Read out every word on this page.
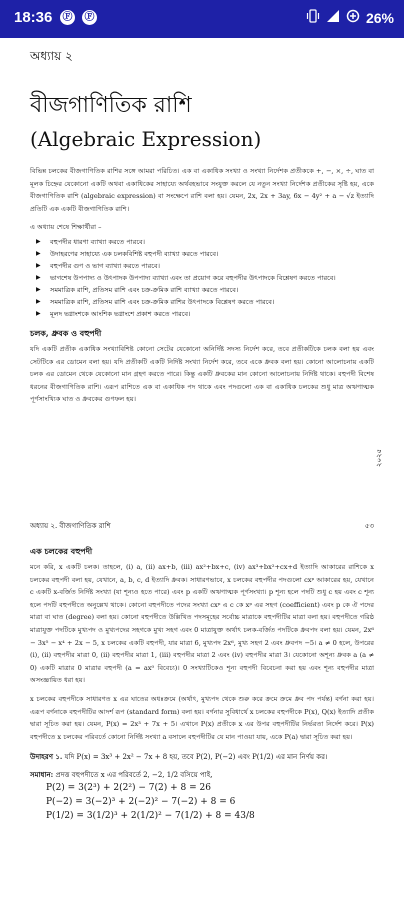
18:36 Ⓕ Ⓕ	26%
অধ্যায় ২
বীজগাণিতিক রাশি
(Algebraic Expression)
বিভিন্ন চলকের বীজগাণিতিক রাশির সঙ্গে আমরা পরিচিত। এক বা একাধিক সংখ্যা ও সংখ্যা নির্দেশক প্রতীককে +, −, ×, ÷, ঘাত বা মূলক চিহ্নের যেকোনো একটি অথবা একাধিকের সাহায্যে অর্থবহভাবে সংযুক্ত করলে যে নতুন সংখ্যা নির্দেশক প্রতীকের সৃষ্টি হয়, একে বীজগাণিতিক রাশি (algebraic expression) বা সংক্ষেপে রাশি বলা হয়। যেমন, 2x, 2x + 3ay, 6x − 4y² + a − √z ইত্যাদি প্রতিটি এক একটি বীজগাণিতিক রাশি।
এ অধ্যায় শেষে শিক্ষার্থীরা –
▶ বহুপদীর ধারণা ব্যাখ্যা করতে পারবে।
▶ উদাহরণের সাহায্যে এক চলকবিশিষ্ট বহুপদী ব্যাখ্যা করতে পারবে।
▶ বহুপদীর গুণ ও ভাগ ব্যাখ্যা করতে পারবে।
▶ ভাগশেষ উপপাদ্য ও উৎপাদক উপপাদ্য ব্যাখ্যা এবং তা প্রয়োগ করে বহুপদীর উৎপাদকে বিশ্লেষণ করতে পারবে।
▶ সমমাত্রিক রাশি, প্রতিসম রাশি এবং চক্র-ক্রমিক রাশি ব্যাখ্যা করতে পারবে।
▶ সমমাত্রিক রাশি, প্রতিসম রাশি এবং চক্র-ক্রমিক রাশির উৎপাদকে বিশ্লেষণ করতে পারবে।
▶ মূলদ ভগ্নাংশকে আংশিক ভগ্নাংশে প্রকাশ করতে পারবে।
চলক, ধ্রুবক ও বহুপদী
যদি একটি প্রতীক একাধিক সংখ্যাবিশিষ্ট কোনো সেটের যেকোনো অনির্দিষ্ট সদস্য নির্দেশ করে, তবে প্রতীকটিকে চলক বলা হয় এবং সেটটিকে এর ডোমেন বলা হয়। যদি প্রতীকটি একটি নির্দিষ্ট সংখ্যা নির্দেশ করে, তবে একে ধ্রুবক বলা হয়। কোনো আলোচনায় একটি চলক এর ডোমেন থেকে যেকোনো মান গ্রহণ করতে পারে। কিন্তু একটি ধ্রুবকের মান কোনো আলোচনায় নির্দিষ্ট থাকে। বহুপদী বিশেষ ধরনের বীজগাণিতিক রাশি। এরূপ রাশিতে এক বা একাধিক পদ থাকে এবং পদগুলো এক বা একাধিক চলকের শুধু মাত্র অঋণাত্মক পূর্ণসাংখ্যিক ঘাত ও ধ্রুবকের গুণফল হয়।
২০২৫
অধ্যায় ২. বীজগাণিতিক রাশি	৫৩
এক চলকের বহুপদী
মনে করি, x একটি চলক। তাহলে, (i) a, (ii) ax+b, (iii) ax²+bx+c, (iv) ax³+bx²+cx+d ইত্যাদি আকারের রাশিকে x চলকের বহুপদী বলা হয়, যেখানে, a, b, c, d ইত্যাদি ধ্রুবক। সাধারণভাবে, x চলকের বহুপদীর পদগুলো cxᵖ আকারের হয়, যেখানে c একটি x-বর্জিত নির্দিষ্ট সংখ্যা (যা শূন্যও হতে পারে) এবং p একটি অঋণাত্মক পূর্ণসংখ্যা। p শূন্য হলে পদটি শুধু c হয় এবং c শূন্য হলে পদটি বহুপদীতে অনুল্লেখ থাকে। কোনো বহুপদীতে পদের সংখ্যা cxᵖ এ c কে xᵖ এর সহগ (coefficient) এবং p কে ঐ পদের মাত্রা বা ঘাত (degree) বলা হয়। কোনো বহুপদীতে উল্লিখিত পদসমূহের সর্বোচ্চ মাত্রাকে বহুপদীটির মাত্রা বলা হয়। বহুপদীতে গরিষ্ঠ মাত্রাযুক্ত পদটিকে মুখ্যপদ ও মুখ্যপদের সহগকে মুখ্য সহগ এবং 0 মাত্রাযুক্ত অর্থাৎ চলক-বর্জিত পদটিকে ধ্রুবপদ বলা হয়। যেমন, 2x⁶ − 3x⁵ − x⁴ + 2x − 5, x চলকের একটি বহুপদী, যার মাত্রা 6, মুখ্যপদ 2x⁶, মুখ্য সহগ 2 এবং ধ্রুবপদ −5। a ≠ 0 হলে, উপরের (i), (ii) বহুপদীর মাত্রা 0, (ii) বহুপদীর মাত্রা 1, (iii) বহুপদীর মাত্রা 2 এবং (iv) বহুপদীর মাত্রা 3। যেকোনো অশূন্য ধ্রুবক a (a ≠ 0) একটি মাত্রার 0 মাত্রার বহুপদী (a = ax⁰ বিবেচ্য)। 0 সংখ্যাটিকেও শূন্য বহুপদী বিবেচনা করা হয় এবং শূন্য বহুপদীর মাত্রা অসংজ্ঞায়িত ধরা হয়।
x চলকের বহুপদীকে সাধারণত x এর ঘাতের অধঃক্রমে (অর্থাৎ, মুখ্যপদ থেকে শুরু করে ক্রমে ক্রমে ধ্রুব পদ পর্যন্ত) বর্ণনা করা হয়। এরূপ বর্ণনাকে বহুপদীটির আদর্শ রূপ (standard form) বলা হয়। বর্ণনার সুবিধার্থে x চলকের বহুপদীকে P(x), Q(x) ইত্যাদি প্রতীক দ্বারা সূচিত করা হয়। যেমন, P(x) = 2x³ + 7x + 5। এখানে P(x) প্রতীকে x এর উপর বহুপদীটির নির্ভরতা নির্দেশ করে। P(x) বহুপদীতে x চলকের পরিবর্তে কোনো নির্দিষ্ট সংখ্যা a বসালে বহুপদীটির যে মান পাওয়া যায়, একে P(a) দ্বারা সূচিত করা হয়।
উদাহরণ ১. যদি P(x) = 3x³ + 2x² − 7x + 8 হয়, তবে P(2), P(−2) এবং P(1/2) এর মান নির্ণয় কর।
সমাধান: প্রদত্ত বহুপদীতে x এর পরিবর্তে 2, −2, 1/2 বসিয়ে পাই,
P(2) = 3(2³) + 2(2²) − 7(2) + 8 = 26
P(−2) = 3(−2)³ + 2(−2)² − 7(−2) + 8 = 6
P(1/2) = 3(1/2)³ + 2(1/2)² − 7(1/2) + 8 = 43/8
